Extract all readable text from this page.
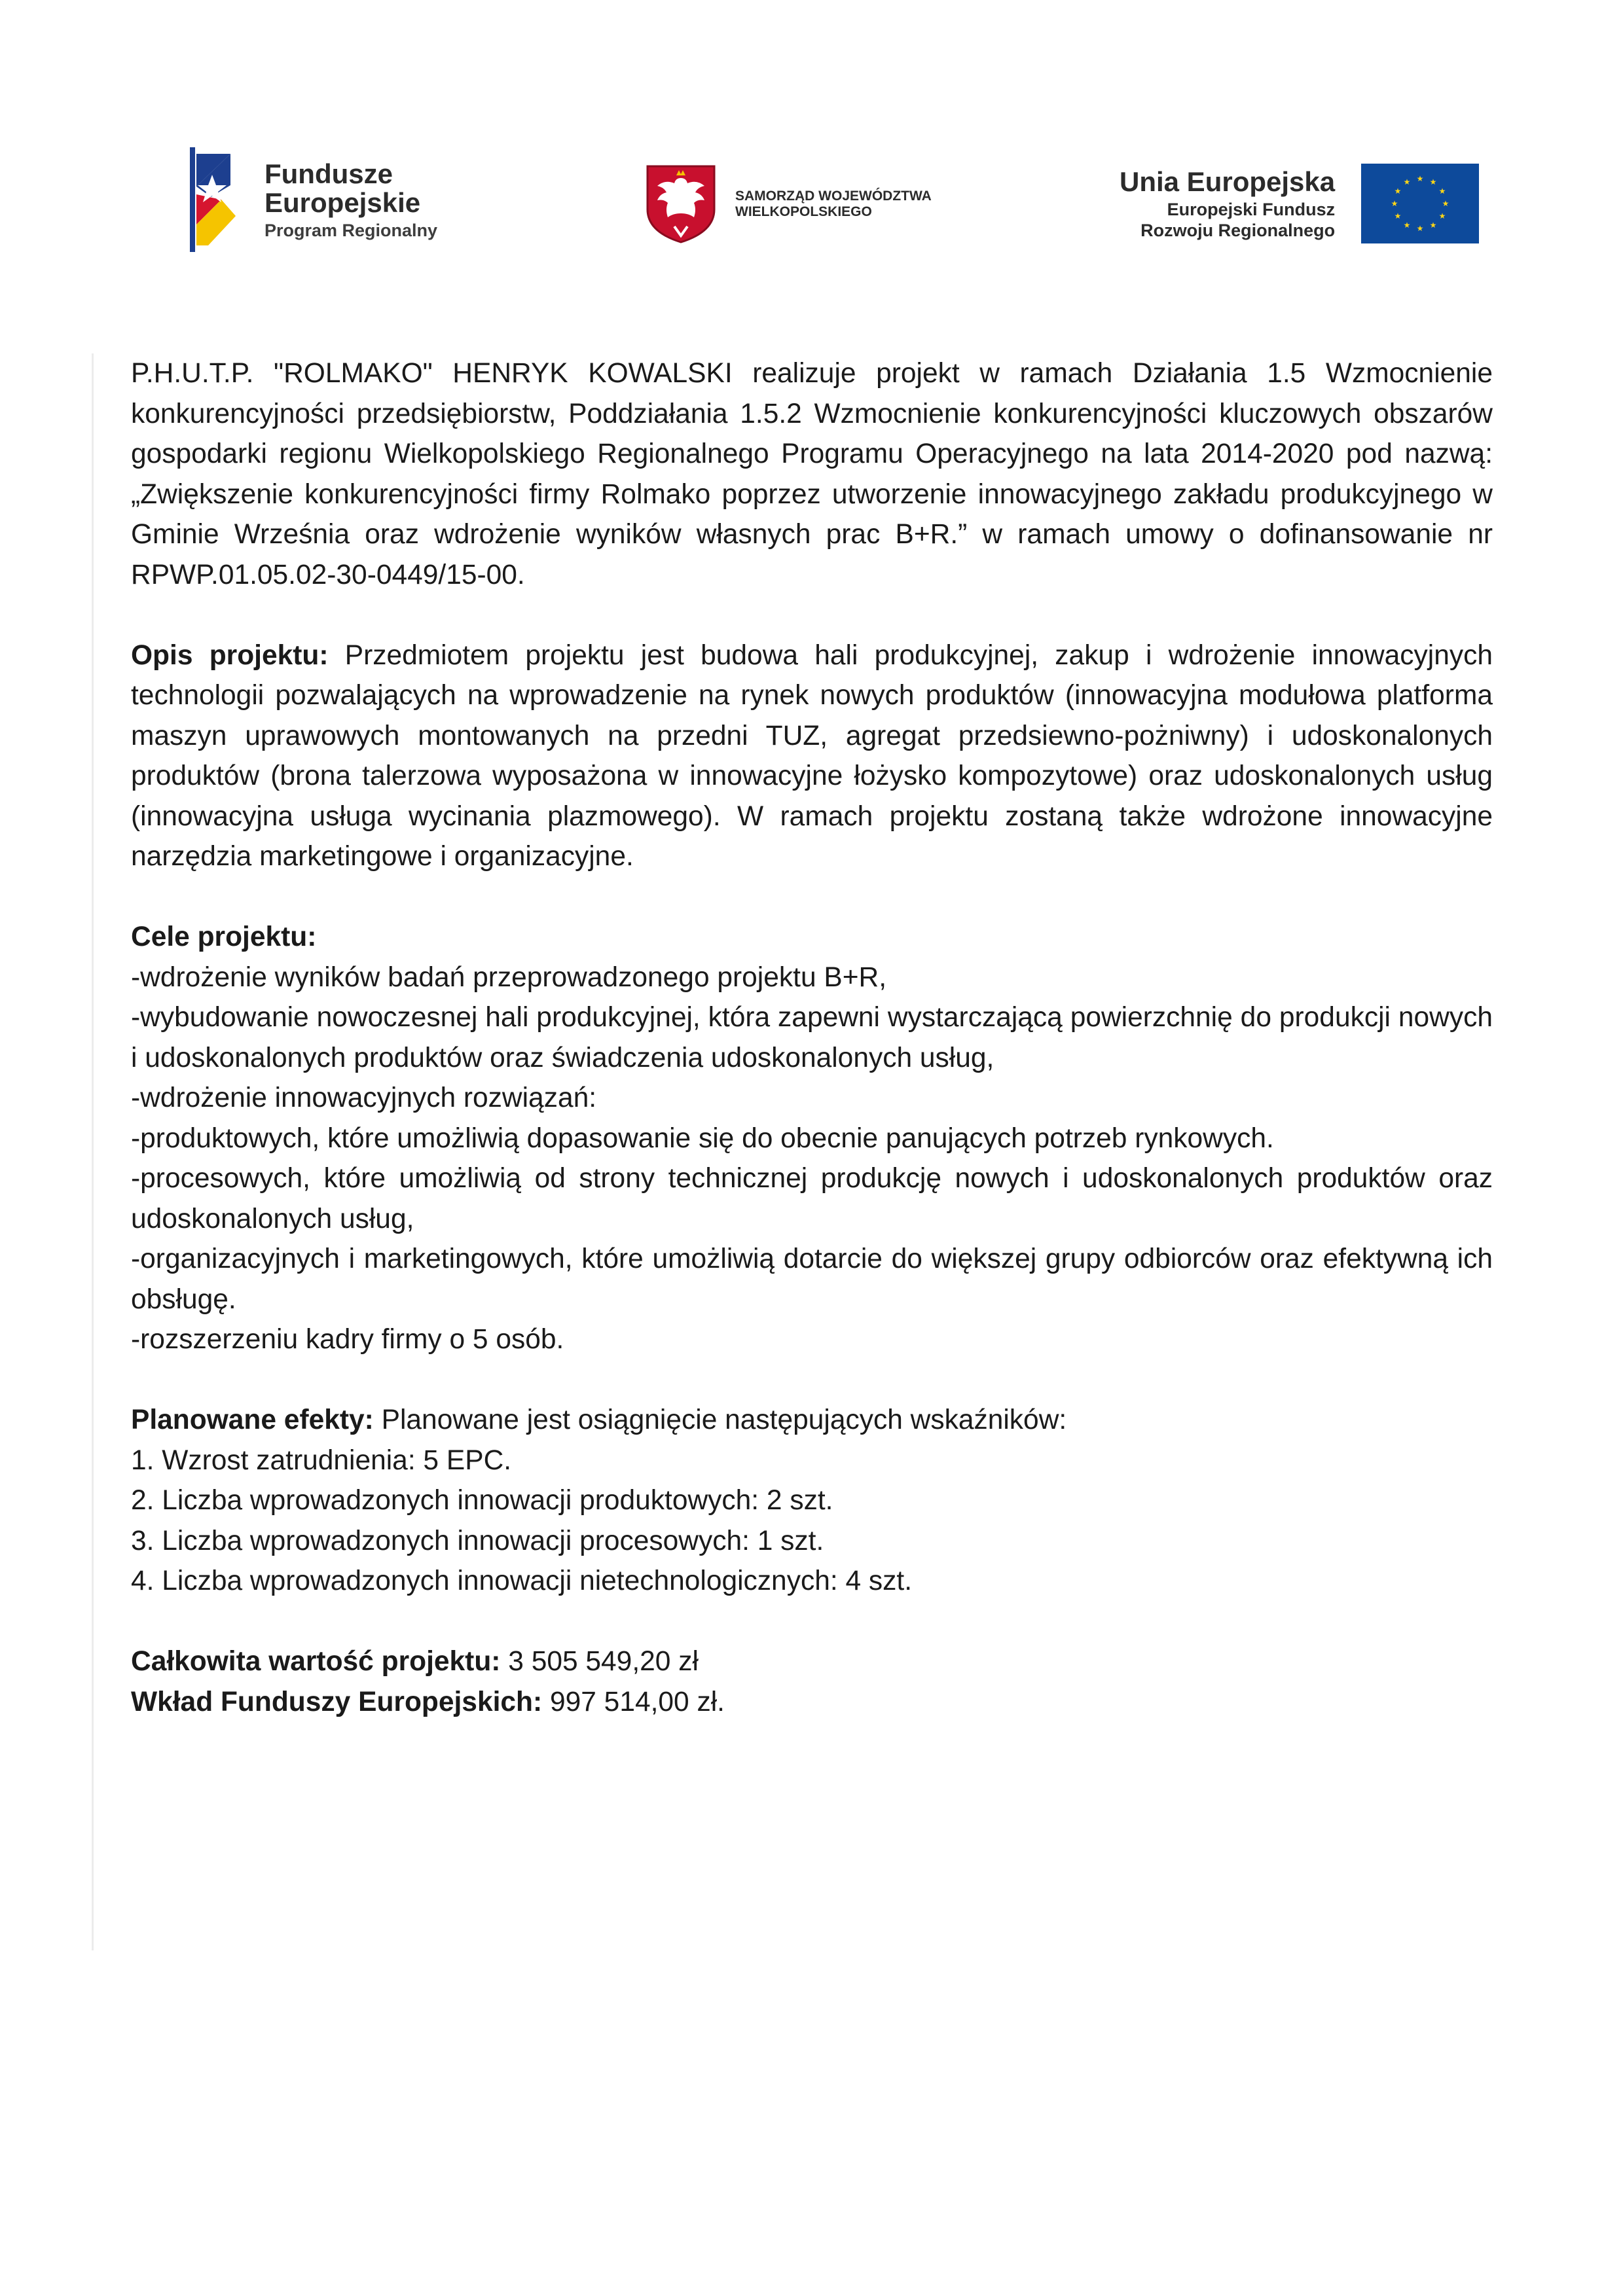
Fundusze
Europejskie
Program Regionalny
SAMORZĄD WOJEWÓDZTWA
WIELKOPOLSKIEGO
Unia Europejska
Europejski Fundusz
Rozwoju Regionalnego
★ ★
★
★
★
★
★
★
★
★
★
★

P.H.U.T.P. "ROLMAKO" HENRYK KOWALSKI realizuje projekt w ramach Działania 1.5 Wzmocnienie konkurencyjności przedsiębiorstw, Poddziałania 1.5.2 Wzmocnienie konkurencyjności kluczowych obszarów gospodarki regionu Wielkopolskiego Regionalnego Programu Operacyjnego na lata 2014-2020 pod nazwą: „Zwiększenie konkurencyjności firmy Rolmako poprzez utworzenie innowacyjnego zakładu produkcyjnego w Gminie Września oraz wdrożenie wyników własnych prac B+R.” w ramach umowy o dofinansowanie nr RPWP.01.05.02-30-0449/15-00.

Opis projektu: Przedmiotem projektu jest budowa hali produkcyjnej, zakup i wdrożenie innowacyjnych technologii pozwalających na wprowadzenie na rynek nowych produktów (innowacyjna modułowa platforma maszyn uprawowych montowanych na przedni TUZ, agregat przedsiewno-pożniwny) i udoskonalonych produktów (brona talerzowa wyposażona w innowacyjne łożysko kompozytowe) oraz udoskonalonych usług (innowacyjna usługa wycinania plazmowego). W ramach projektu zostaną także wdrożone innowacyjne narzędzia marketingowe i organizacyjne.

Cele projektu:

-wdrożenie wyników badań przeprowadzonego projektu B+R,

-wybudowanie nowoczesnej hali produkcyjnej, która zapewni wystarczającą powierzchnię do produkcji nowych i udoskonalonych produktów oraz świadczenia udoskonalonych usług,

-wdrożenie innowacyjnych rozwiązań:

-produktowych, które umożliwią dopasowanie się do obecnie panujących potrzeb rynkowych.

-procesowych, które umożliwią od strony technicznej produkcję nowych i udoskonalonych produktów oraz udoskonalonych usług,

-organizacyjnych i marketingowych, które umożliwią dotarcie do większej grupy odbiorców oraz efektywną ich obsługę.

-rozszerzeniu kadry firmy o 5 osób.

Planowane efekty: Planowane jest osiągnięcie następujących wskaźników:

1. Wzrost zatrudnienia: 5 EPC.

2. Liczba wprowadzonych innowacji produktowych: 2 szt.

3. Liczba wprowadzonych innowacji procesowych: 1 szt.

4. Liczba wprowadzonych innowacji nietechnologicznych: 4 szt.

Całkowita wartość projektu: 3 505 549,20 zł

Wkład Funduszy Europejskich: 997 514,00 zł.
